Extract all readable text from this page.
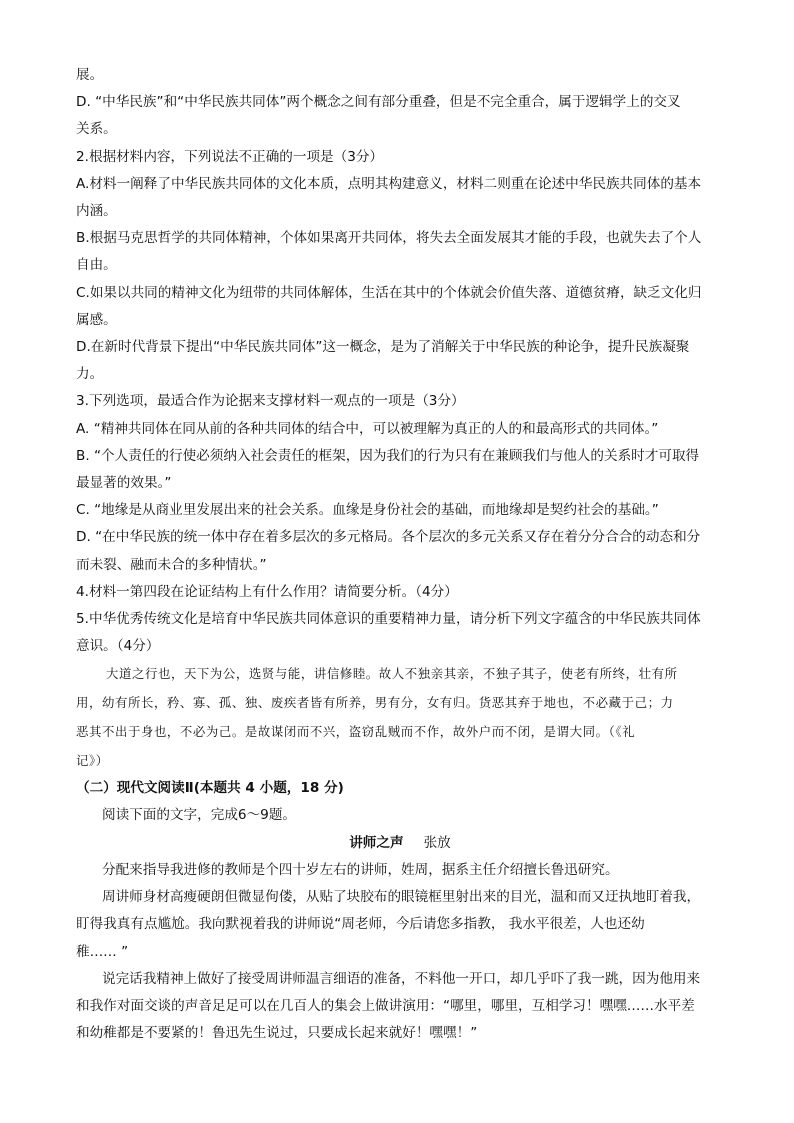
展。
D. “中华民族”和“中华民族共同体”两个概念之间有部分重叠，但是不完全重合，属于逻辑学上的交叉
关系。
2.根据材料内容，下列说法不正确的一项是（3分）
A.材料一阐释了中华民族共同体的文化本质，点明其构建意义，材料二则重在论述中华民族共同体的基本
内涵。
B.根据马克思哲学的共同体精神，个体如果离开共同体，将失去全面发展其才能的手段，也就失去了个人
自由。
C.如果以共同的精神文化为纽带的共同体解体，生活在其中的个体就会价值失落、道德贫瘠，缺乏文化归
属感。
D.在新时代背景下提出“中华民族共同体”这一概念，是为了消解关于中华民族的种论争，提升民族凝聚
力。
3.下列选项，最适合作为论据来支撑材料一观点的一项是（3分）
A. “精神共同体在同从前的各种共同体的结合中，可以被理解为真正的人的和最高形式的共同体。”
B. “个人责任的行使必须纳入社会责任的框架，因为我们的行为只有在兼顾我们与他人的关系时才可取得
最显著的效果。”
C. “地缘是从商业里发展出来的社会关系。血缘是身份社会的基础，而地缘却是契约社会的基础。”
D. “在中华民族的统一体中存在着多层次的多元格局。各个层次的多元关系又存在着分分合合的动态和分
而未裂、融而未合的多种情状。”
4.材料一第四段在论证结构上有什么作用？请简要分析。（4分）
5.中华优秀传统文化是培育中华民族共同体意识的重要精神力量，请分析下列文字蕴含的中华民族共同体
意识。（4分）
大道之行也，天下为公，选贤与能，讲信修睦。故人不独亲其亲，不独子其子，使老有所终，壮有所
用，幼有所长，矜、寡、孤、独、废疾者皆有所养，男有分，女有归。货恶其弃于地也，不必藏于己；力
恶其不出于身也，不必为己。是故谋闭而不兴，盗窃乱贼而不作，故外户而不闭，是谓大同。（《礼
记》）
（二）现代文阅读Ⅱ(本题共 4 小题，18 分)
阅读下面的文字，完成6～9题。
讲师之声 张放
分配来指导我进修的教师是个四十岁左右的讲师，姓周，据系主任介绍擅长鲁迅研究。
周讲师身材高瘦硬朗但微显佝偻，从贴了块胶布的眼镜框里射出来的目光，温和而又迂执地盯着我，
盯得我真有点尴尬。我向默视着我的讲师说“周老师，今后请您多指教， 我水平很差，人也还幼
稚…… ”
说完话我精神上做好了接受周讲师温言细语的准备，不料他一开口，却几乎吓了我一跳，因为他用来
和我作对面交谈的声音足足可以在几百人的集会上做讲演用：“哪里，哪里，互相学习！嘿嘿……水平差
和幼稚都是不要紧的！鲁迅先生说过，只要成长起来就好！嘿嘿！”
